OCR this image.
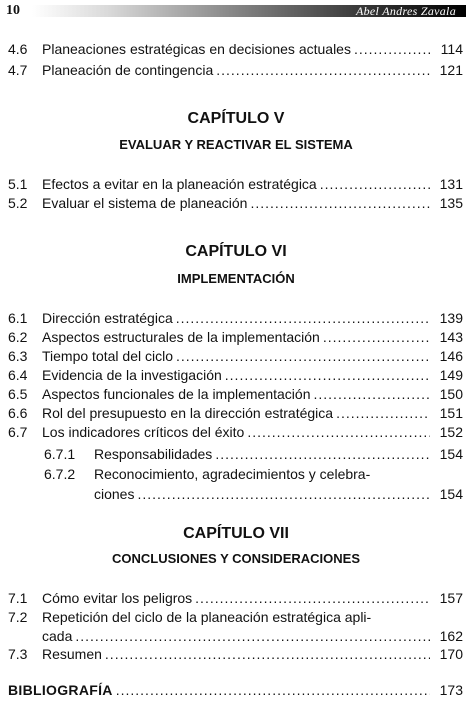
10	Abel Andres Zavala
4.6	Planeaciones estratégicas en decisiones actuales .....	114
4.7	Planeación de contingencia .....	121
CAPÍTULO V
EVALUAR Y REACTIVAR EL SISTEMA
5.1	Efectos a evitar en la planeación estratégica .....	131
5.2	Evaluar el sistema de planeación .....	135
CAPÍTULO VI
IMPLEMENTACIÓN
6.1	Dirección estratégica .....	139
6.2	Aspectos estructurales de la implementación .....	143
6.3	Tiempo total del ciclo .....	146
6.4	Evidencia de la investigación .....	149
6.5	Aspectos funcionales de la implementación .....	150
6.6	Rol del presupuesto en la dirección estratégica .....	151
6.7	Los indicadores críticos del éxito .....	152
6.7.1	Responsabilidades .....	154
6.7.2	Reconocimiento, agradecimientos y celebra-
ciones .....	154
CAPÍTULO VII
CONCLUSIONES Y CONSIDERACIONES
7.1	Cómo evitar los peligros .....	157
7.2	Repetición del ciclo de la planeación estratégica apli-
cada .....	162
7.3	Resumen .....	170
BIBLIOGRAFÍA .....	173
